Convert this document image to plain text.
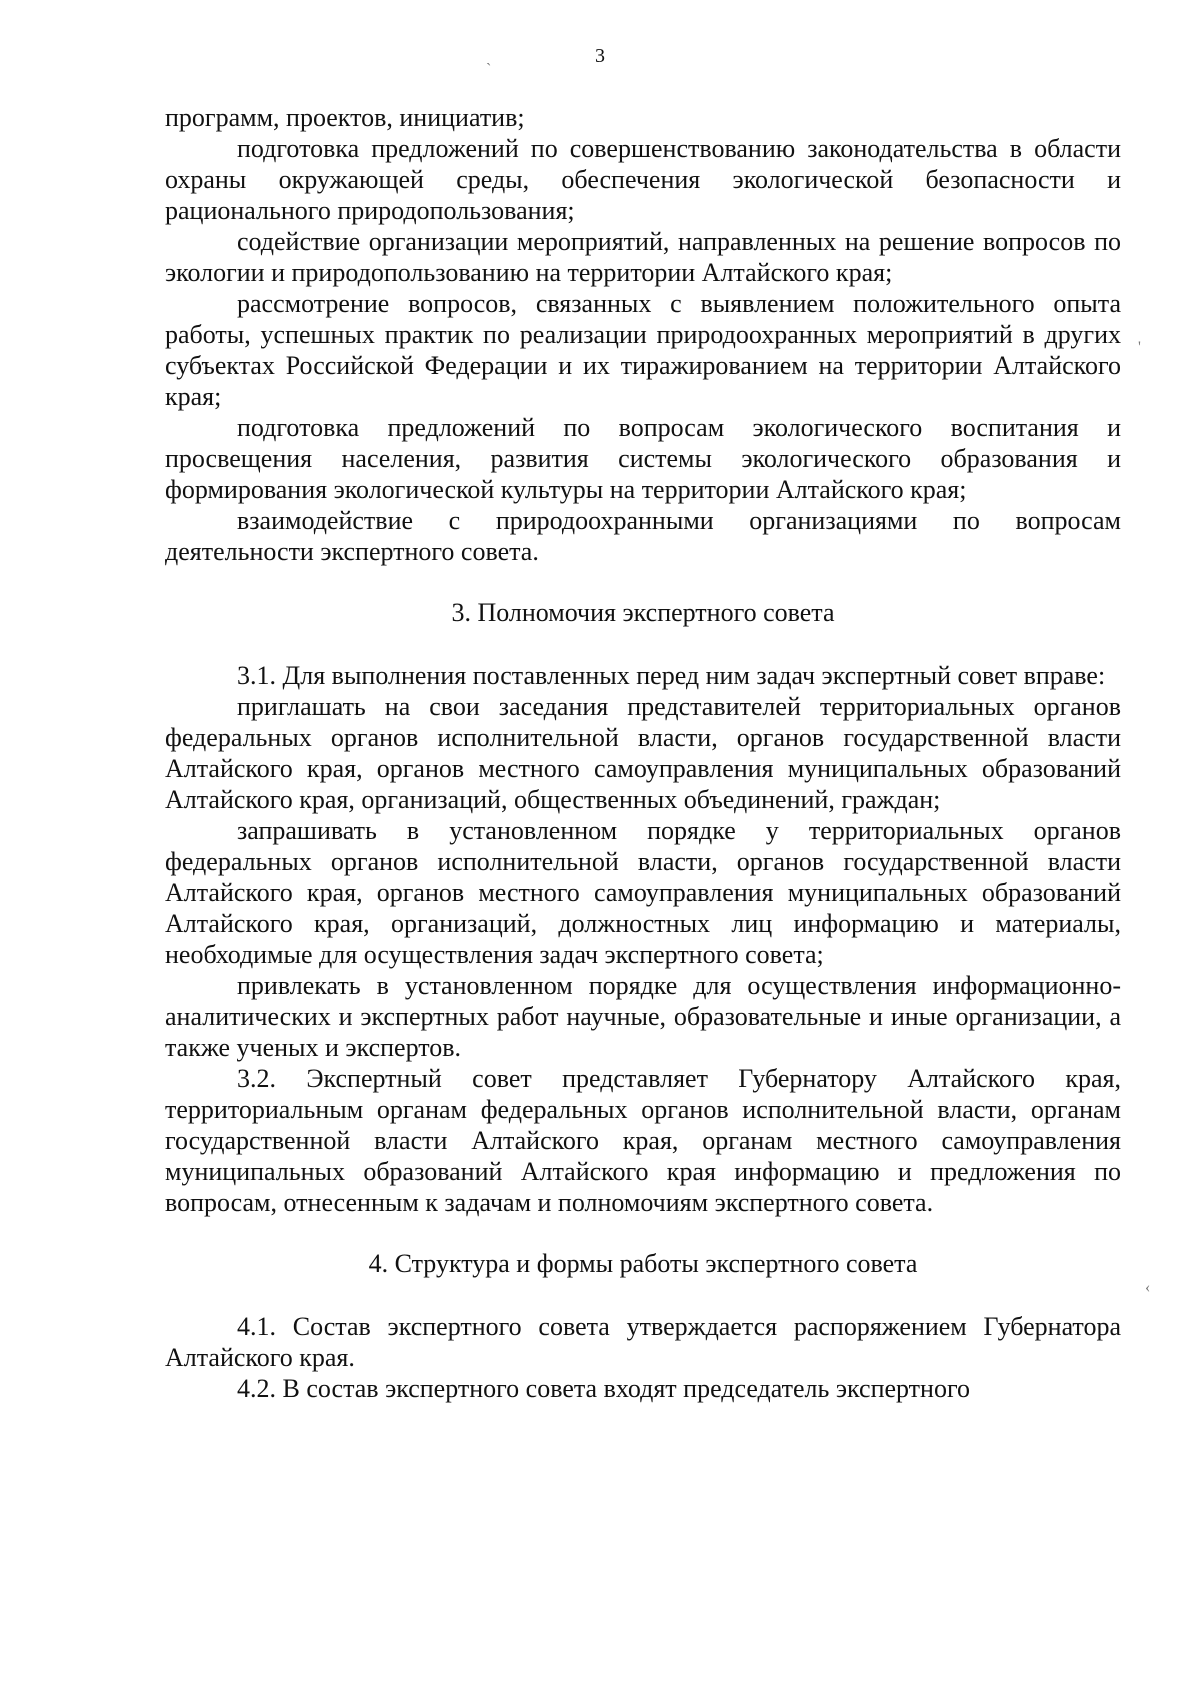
3
`
'
‹

программ, проектов, инициатив;

подготовка предложений по совершенствованию законодательства в области охраны окружающей среды, обеспечения экологической безопасности и рационального природопользования;

содействие организации мероприятий, направленных на решение вопросов по экологии и природопользованию на территории Алтайского края;

рассмотрение вопросов, связанных с выявлением положительного опыта работы, успешных практик по реализации природоохранных мероприятий в других субъектах Российской Федерации и их тиражированием на территории Алтайского края;

подготовка предложений по вопросам экологического воспитания и просвещения населения, развития системы экологического образования и формирования экологической культуры на территории Алтайского края;

взаимодействие с природоохранными организациями по вопросам деятельности экспертного совета.

3. Полномочия экспертного совета

3.1. Для выполнения поставленных перед ним задач экспертный совет вправе:

приглашать на свои заседания представителей территориальных органов федеральных органов исполнительной власти, органов государственной власти Алтайского края, органов местного самоуправления муниципальных образований Алтайского края, организаций, общественных объединений, граждан;

запрашивать в установленном порядке у территориальных органов федеральных органов исполнительной власти, органов государственной власти Алтайского края, органов местного самоуправления муниципальных образований Алтайского края, организаций, должностных лиц информацию и материалы, необходимые для осуществления задач экспертного совета;

привлекать в установленном порядке для осуществления информационно-аналитических и экспертных работ научные, образовательные и иные организации, а также ученых и экспертов.

3.2. Экспертный совет представляет Губернатору Алтайского края, территориальным органам федеральных органов исполнительной власти, органам государственной власти Алтайского края, органам местного самоуправления муниципальных образований Алтайского края информацию и предложения по вопросам, отнесенным к задачам и полномочиям экспертного совета.

4. Структура и формы работы экспертного совета

4.1. Состав экспертного совета утверждается распоряжением Губернатора Алтайского края.

4.2. В состав экспертного совета входят председатель экспертного
